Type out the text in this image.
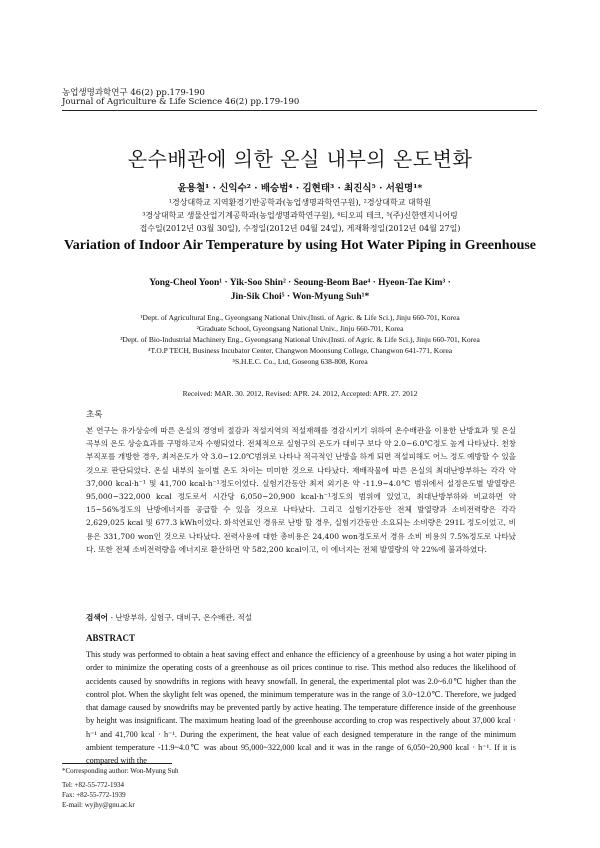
농업생명과학연구 46(2) pp.179-190
Journal of Agriculture & Life Science 46(2) pp.179-190
온수배관에 의한 온실 내부의 온도변화
윤용철¹ · 신익수² · 배승범⁴ · 김현태³ · 최진식⁵ · 서원명¹*
¹경상대학교 지역환경기반공학과(농업생명과학연구원), ²경상대학교 대학원
³경상대학교 생물산업기계공학과(농업생명과학연구원), ⁴티오피 테크, ⁵(주)신한엔지니어링
접수일(2012년 03월 30일), 수정일(2012년 04월 24일), 게재확정일(2012년 04월 27일)
Variation of Indoor Air Temperature by using Hot Water Piping in Greenhouse
Yong-Cheol Yoon¹ · Yik-Soo Shin² · Seoung-Beom Bae⁴ · Hyeon-Tae Kim³ ·
Jin-Sik Choi⁵ · Won-Myung Suh¹*
¹Dept. of Agricultural Eng., Gyeongsang National Univ.(Insti. of Agric. & Life Sci.), Jinju 660-701, Korea
²Graduate School, Gyeongsang National Univ., Jinju 660-701, Korea
³Dept. of Bio-Industrial Machinery Eng., Gyeongsang National Univ.(Insti. of Agric. & Life Sci.), Jinju 660-701, Korea
⁴T.O.P TECH, Business Incubator Center, Changwon Moonsung College, Changwon 641-771, Korea
⁵S.H.E.C. Co., Ltd, Goseong 638-808, Korea
Received: MAR. 30. 2012, Revised: APR. 24. 2012, Accepted: APR. 27. 2012
초록
본 연구는 유가상승에 따른 온실의 경영비 절감과 적설지역의 적설재해를 경감시키기 위하여 온수배관을 이용한 난방효과 및 온실곡부의 온도 상승효과를 구명하고자 수행되었다. 전체적으로 실험구의 온도가 대비구 보다 약 2.0~6.0℃정도 높게 나타났다. 천창부직포를 개방한 경우, 최저온도가 약 3.0~12.0℃범위로 나타나 적극적인 난방을 하게 되면 적설피해도 어느 정도 예방할 수 있을 것으로 판단되었다. 온실 내부의 높이별 온도 차이는 미미한 것으로 나타났다. 재배작물에 따른 온실의 최대난방부하는 각각 약 37,000 kcal·h⁻¹ 및 41,700 kcal·h⁻¹정도이었다. 실험기간동안 최저 외기온 약 -11.9~4.0℃ 범위에서 설정온도별 발열량은 95,000~322,000 kcal 정도로서 시간당 6,050~20,900 kcal·h⁻¹정도의 범위에 있었고, 최대난방부하와 비교하면 약 15~56%정도의 난방에너지를 공급할 수 있을 것으로 나타났다. 그리고 실험기간동안 전체 발열량과 소비전력량은 각각 2,629,025 kcal 및 677.3 kWh이었다. 화석연료인 경유로 난방 할 경우, 실험기간동안 소요되는 소비량은 291L 정도이었고, 비용은 331,700 won인 것으로 나타났다. 전력사용에 대한 총비용은 24,400 won정도로서 경유 소비 비용의 7.5%정도로 나타났다. 또한 전체 소비전력량을 에너지로 환산하면 약 582,200 kcal이고, 이 에너지는 전체 발열량의 약 22%에 불과하였다.
검색어 - 난방부하, 실험구, 대비구, 온수배관, 적설
ABSTRACT
This study was performed to obtain a heat saving effect and enhance the efficiency of a greenhouse by using a hot water piping in order to minimize the operating costs of a greenhouse as oil prices continue to rise. This method also reduces the likelihood of accidents caused by snowdrifts in regions with heavy snowfall. In general, the experimental plot was 2.0~6.0℃ higher than the control plot. When the skylight felt was opened, the minimum temperature was in the range of 3.0~12.0℃. Therefore, we judged that damage caused by snowdrifts may be prevented partly by active heating. The temperature difference inside of the greenhouse by height was insignificant. The maximum heating load of the greenhouse according to crop was respectively about 37,000 kcal · h⁻¹ and 41,700 kcal · h⁻¹. During the experiment, the heat value of each designed temperature in the range of the minimum ambient temperature -11.9~4.0℃ was about 95,000~322,000 kcal and it was in the range of 6,050~20,900 kcal · h⁻¹. If it is compared with the
*Corresponding author: Won-Myung Suh
Tel: +82-55-772-1934
Fax: +82-55-772-1939
E-mail: wyjhy@gnu.ac.kr
